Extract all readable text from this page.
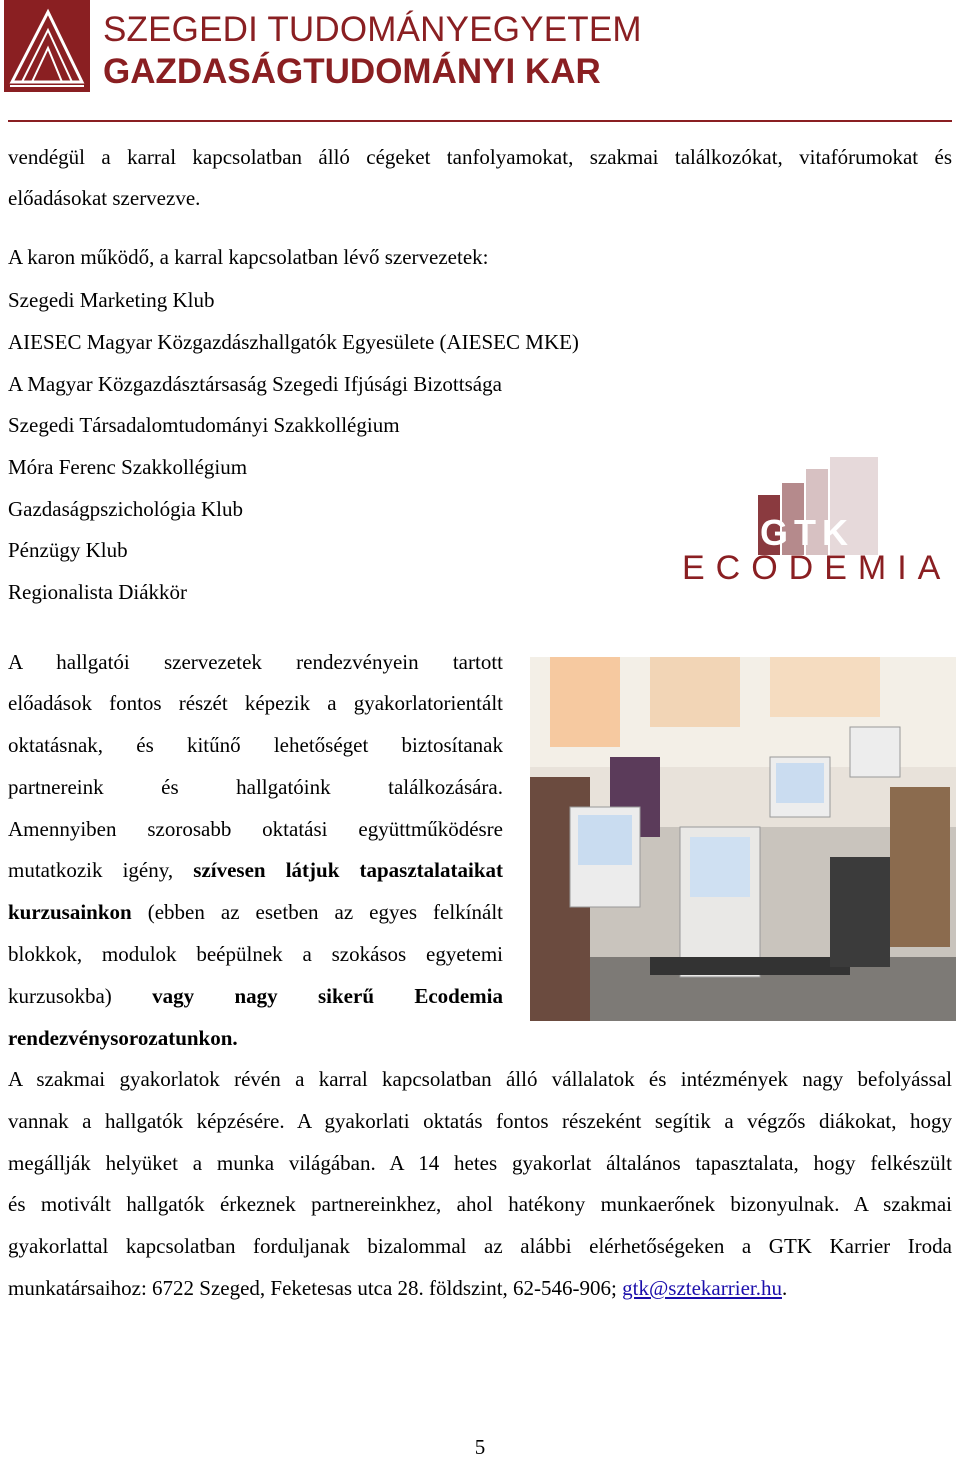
SZEGEDI TUDOMÁNYEGYETEM
GAZDASÁGTUDOMÁNYI KAR
vendégül a karral kapcsolatban álló cégeket tanfolyamokat, szakmai találkozókat, vitafórumokat és
előadásokat szervezve.
A karon működő, a karral kapcsolatban lévő szervezetek:
Szegedi Marketing Klub
AIESEC Magyar Közgazdászhallgatók Egyesülete (AIESEC MKE)
A Magyar Közgazdásztársaság Szegedi Ifjúsági Bizottsága
Szegedi Társadalomtudományi Szakkollégium
Móra Ferenc Szakkollégium
Gazdaságpszichológia Klub
Pénzügy Klub
Regionalista Diákkör
GTK
ECODEMIA
A hallgatói szervezetek rendezvényein tartott
előadások fontos részét képezik a gyakorlatorientált
oktatásnak, és kitűnő lehetőséget biztosítanak
partnereink és hallgatóink találkozására.
Amennyiben szorosabb oktatási együttműködésre
mutatkozik igény, szívesen látjuk tapasztalataikat
kurzusainkon (ebben az esetben az egyes felkínált
blokkok, modulok beépülnek a szokásos egyetemi
kurzusokba) vagy nagy sikerű Ecodemia
rendezvénysorozatunkon.
A szakmai gyakorlatok révén a karral kapcsolatban álló vállalatok és intézmények nagy befolyással
vannak a hallgatók képzésére. A gyakorlati oktatás fontos részeként segítik a végzős diákokat, hogy
megállják helyüket a munka világában. A 14 hetes gyakorlat általános tapasztalata, hogy felkészült
és motivált hallgatók érkeznek partnereinkhez, ahol hatékony munkaerőnek bizonyulnak. A szakmai
gyakorlattal kapcsolatban forduljanak bizalommal az alábbi elérhetőségeken a GTK Karrier Iroda
munkatársaihoz: 6722 Szeged, Feketesas utca 28. földszint, 62-546-906; gtk@sztekarrier.hu.
5
